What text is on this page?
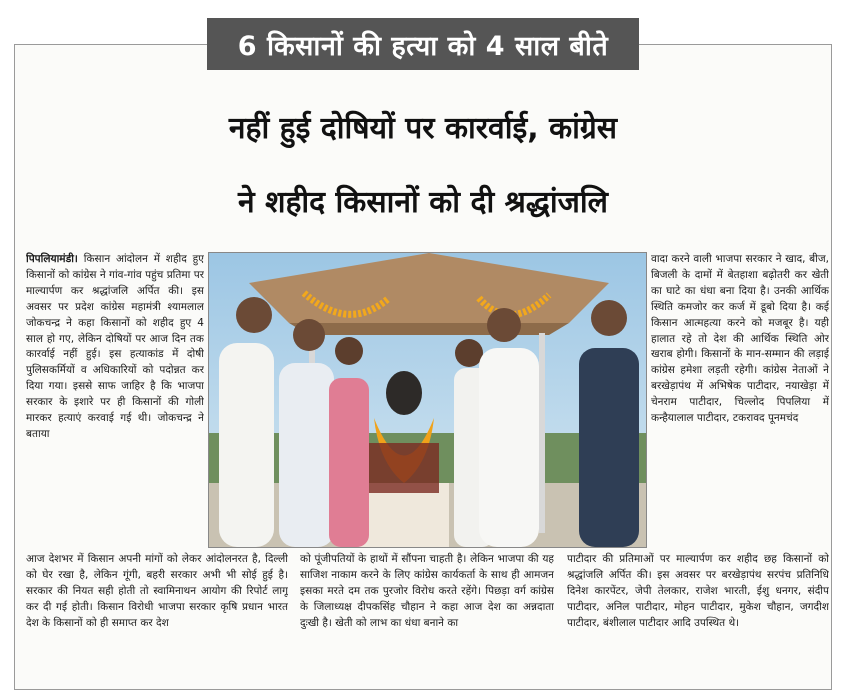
6 किसानों की हत्या को 4 साल बीते
नहीं हुई दोषियों पर कारर्वाई, कांग्रेस
ने शहीद किसानों को दी श्रद्धांजलि

पिपलियामंडी। किसान आंदोलन में शहीद हुए किसानों को कांग्रेस ने गांव-गांव पहुंच प्रतिमा पर माल्यार्पण कर श्रद्धांजलि अर्पित की। इस अवसर पर प्रदेश कांग्रेस महामंत्री श्यामलाल जोकचन्द्र ने कहा किसानों को शहीद हुए 4 साल हो गए, लेकिन दोषियों पर आज दिन तक कारर्वाई नहीं हुई। इस हत्याकांड में दोषी पुलिसकर्मियों व अधिकारियों को पदोन्नत कर दिया गया। इससे साफ जाहिर है कि भाजपा सरकार के इशारे पर ही किसानों की गोली मारकर हत्याएं करवाई गई थी। जोकचन्द्र ने बताया

वादा करने वाली भाजपा सरकार ने खाद, बीज, बिजली के दामों में बेतहाशा बढ़ोतरी कर खेती का घाटे का धंधा बना दिया है। उनकी आर्थिक स्थिति कमजोर कर कर्ज में डूबो दिया है। कई किसान आत्महत्या करने को मजबूर है। यही हालात रहे तो देश की आर्थिक स्थिति ओर खराब होगी। किसानों के मान-सम्मान की लड़ाई कांग्रेस हमेशा लड़ती रहेगी। कांग्रेस नेताओं ने बरखेड़ापंथ में अभिषेक पाटीदार, नयाखेड़ा में चेनराम पाटीदार, चिल्लोद पिपलिया में कन्हैयालाल पाटीदार, टकरावद पूनमचंद

आज देशभर में किसान अपनी मांगों को लेकर आंदोलनरत है, दिल्ली को घेर रखा है, लेकिन गूंगी, बहरी सरकार अभी भी सोई हुई है। सरकार की नियत सही होती तो स्वामिनाथन आयोग की रिपोर्ट लागू कर दी गई होती। किसान विरोधी भाजपा सरकार कृषि प्रधान भारत देश के किसानों को ही समाप्त कर देश

को पूंजीपतियों के हाथों में सौंपना चाहती है। लेकिन भाजपा की यह साजिश नाकाम करने के लिए कांग्रेस कार्यकर्ता के साथ ही आमजन इसका मरते दम तक पुरजोर विरोध करते रहेंगे। पिछड़ा वर्ग कांग्रेस के जिलाध्यक्ष दीपकसिंह चौहान ने कहा आज देश का अन्नदाता दुःखी है। खेती को लाभ का धंधा बनाने का

पाटीदार की प्रतिमाओं पर माल्यार्पण कर शहीद छह किसानों को श्रद्धांजलि अर्पित की। इस अवसर पर बरखेड़ापंथ सरपंच प्रतिनिधि दिनेश कारपेंटर, जेपी तेलकार, राजेश भारती, ईशु धनगर, संदीप पाटीदार, अनिल पाटीदार, मोहन पाटीदार, मुकेश चौहान, जगदीश पाटीदार, बंशीलाल पाटीदार आदि उपस्थित थे।
